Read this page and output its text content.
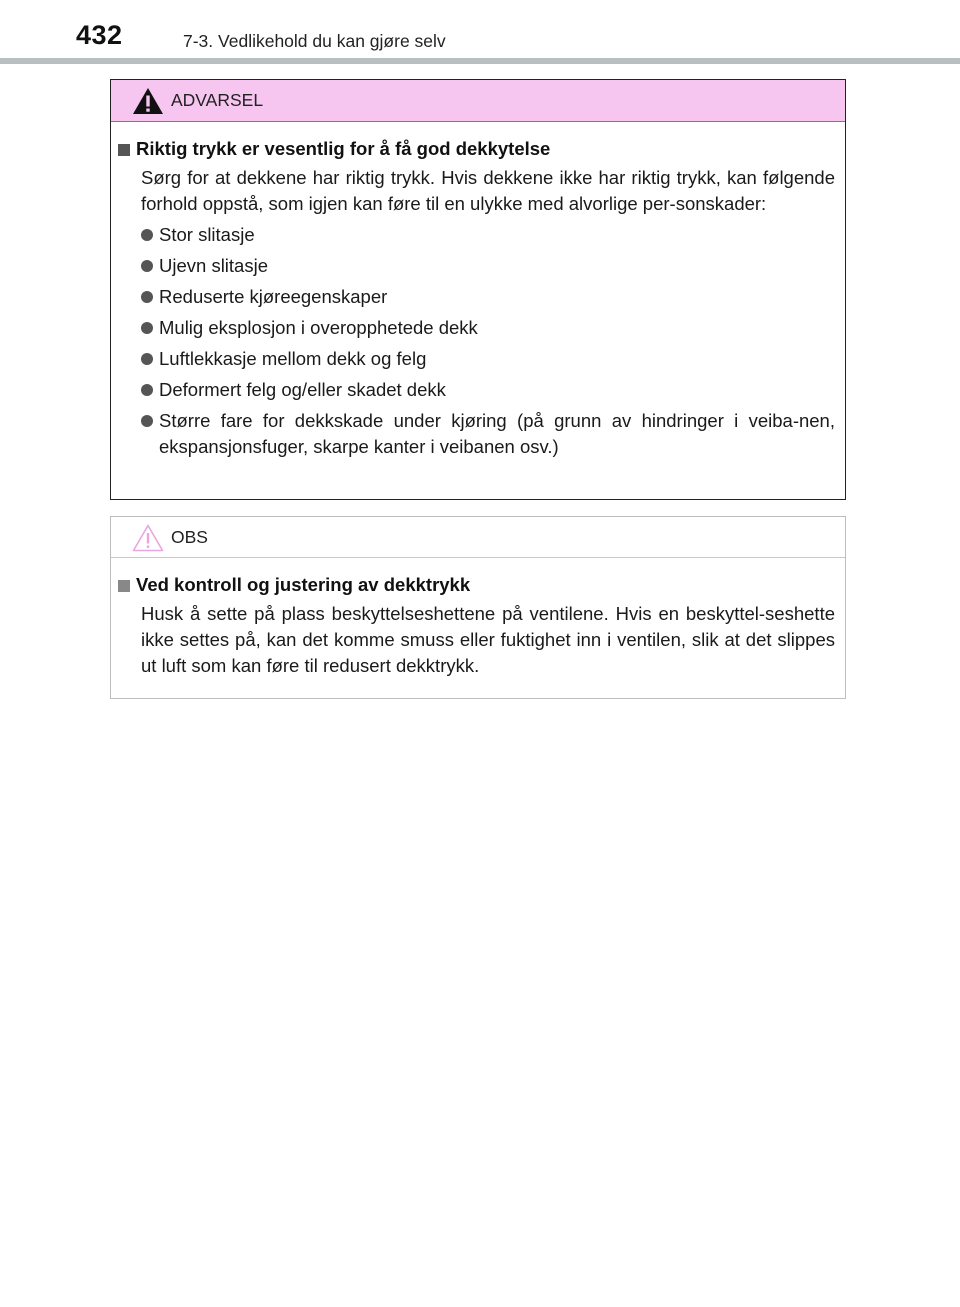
432	7-3. Vedlikehold du kan gjøre selv
ADVARSEL
Riktig trykk er vesentlig for å få god dekkytelse
Sørg for at dekkene har riktig trykk. Hvis dekkene ikke har riktig trykk, kan følgende forhold oppstå, som igjen kan føre til en ulykke med alvorlige per-sonskader:
Stor slitasje
Ujevn slitasje
Reduserte kjøreegenskaper
Mulig eksplosjon i overopphetede dekk
Luftlekkasje mellom dekk og felg
Deformert felg og/eller skadet dekk
Større fare for dekkskade under kjøring (på grunn av hindringer i veiba-nen, ekspansjonsfuger, skarpe kanter i veibanen osv.)
OBS
Ved kontroll og justering av dekktrykk
Husk å sette på plass beskyttelseshettene på ventilene. Hvis en beskyttel-seshette ikke settes på, kan det komme smuss eller fuktighet inn i ventilen, slik at det slippes ut luft som kan føre til redusert dekktrykk.
